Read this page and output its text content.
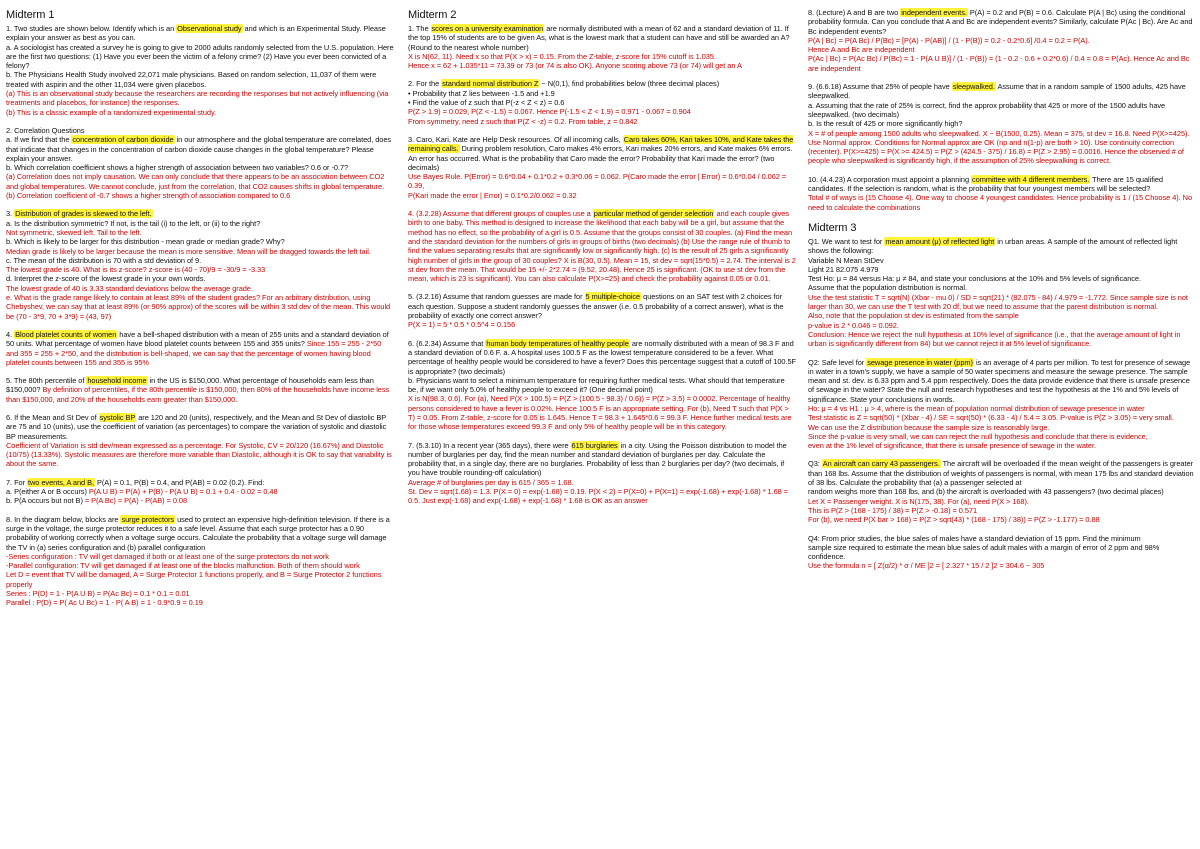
Midterm 1
1. Two studies are shown below. Identify which is an Observational study and which is an Experimental Study. Please explain your answer as best as you can.
a. A sociologist has created a survey he is going to give to 2000 adults randomly selected from the U.S. population. Here are the first two questions: (1) Have you ever been the victim of a felony crime? (2) Have you ever been convicted of a felony?
b. The Physicians Health Study involved 22,071 male physicians. Based on random selection, 11,037 of them were treated with aspirin and the other 11,034 were given placebos.
(a) This is an observational study because the researchers are recording the responses but not actively influencing (via treatments and placebos, for instance) the responses.
(b) This is a classic example of a randomized experimental study.
2. Correlation Questions
a. If we find that the concentration of carbon dioxide in our atmosphere and the global temperature are correlated, does that indicate that changes in the concentration of carbon dioxide cause changes in the global temperature? Please explain your answer.
b. Which correlation coefficient shows a higher strength of association between two variables? 0.6 or -0.7?
(a) Correlation does not imply causation. We can only conclude that there appears to be an association between CO2 and global temperatures. We cannot conclude, just from the correlation, that CO2 causes shifts in global temperature.
(b) Correlation coefficient of -0.7 shows a higher strength of association compared to 0.6
3. Distribution of grades is skewed to the left.
a. Is the distribution symmetric? If not, is the tail (i) to the left, or (ii) to the right?
Not symmetric, skewed left. Tail to the left.
b. Which is likely to be larger for this distribution - mean grade or median grade? Why?
Median grade is likely to be larger because the mean is more sensitive. Mean will be dragged towards the left tail.
c. The mean of the distribution is 70 with a std deviation of 9.
The lowest grade is 40. What is its z-score? z-score is (40 - 70)/9 = -30/9 = -3.33
d. Interpret the z-score of the lowest grade in your own words.
The lowest grade of 40 is 3.33 standard deviations below the average grade.
e. What is the grade range likely to contain at least 89% of the student grades? For an arbitrary distribution, using Chebyshev, we can say that at least 89% (or 90% approx) of the scores will be within 3 std dev of the mean. This would be (70 - 3*9, 70 + 3*9) = (43, 97)
4. Blood platelet counts of women have a bell-shaped distribution with a mean of 255 units and a standard deviation of 50 units. What percentage of women have blood platelet counts between 155 and 355 units? Since 155 = 255 - 2*50 and 355 = 255 + 2*50, and the distribution is bell-shaped, we can say that the percentage of women having blood platelet counts between 155 and 355 is 95%
5. The 80th percentile of household income in the US is $150,000. What percentage of households earn less than $150,000? By definition of percentiles, if the 80th percentile is $150,000, then 80% of the households have income less than $150,000, and 20% of the households earn greater than $150,000.
6. If the Mean and St Dev of systolic BP are 120 and 20 (units), respectively, and the Mean and St Dev of diastolic BP are 75 and 10 (units), use the coefficient of variation (as percentages) to compare the variation of systolic and diastolic BP measurements.
Coefficient of Variation is std dev/mean expressed as a percentage. For Systolic, CV = 20/120 (16.67%) and Diastolic (10/75) (13.33%). Systolic measures are therefore more variable than Diastolic, although it is OK to say that variability is about the same.
7. For two events, A and B, P(A) = 0.1, P(B) = 0.4, and P(AB) = 0.02 (0.2). Find:
a. P(either A or B occurs) P(A U B) = P(A) + P(B) - P(A U B) = 0.1 + 0.4 - 0.02 = 0.48
b. P(A occurs but not B) = P(A Bc) = P(A) - P(AB) = 0.08
8. In the diagram below, blocks are surge protectors used to protect an expensive high-definition television. If there is a surge in the voltage, the surge protector reduces it to a safe level. Assume that each surge protector has a 0.90 probability of working correctly when a voltage surge occurs. Calculate the probability that a voltage surge will damage the TV in (a) series configuration and (b) parallel configuration
-Series configuration : TV will get damaged if both or at least one of the surge protectors do not work
-Parallel configuration: TV will get damaged if at least one of the blocks malfunction. Both of them should work
Let D = event that TV will be damaged, A = Surge Protector 1 functions properly, and B = Surge Protector 2 functions properly
Series : P(D) = 1 - P(A U B) = P(Ac Bc) = 0.1 * 0.1 = 0.01
Parallel : P(D) = P( Ac U Bc) = 1 - P( A B) = 1 - 0.9*0.9 = 0.19
Midterm 2
1. The scores on a university examination are normally distributed with a mean of 62 and a standard deviation of 11. If the top 15% of students are to be given As, what is the lowest mark that a student can have and still be awarded an A? (Round to the nearest whole number)
X is N(62, 11). Need x so that P(X > x) = 0.15. From the Z-table, z-score for 15% cutoff is 1.035.
Hence x = 62 + 1.035*11 = 73.39 or 73 (or 74 is also OK). Anyone scoring above 73 (or 74) will get an A
2. For the standard normal distribution Z ~ N(0,1), find probabilities below (three decimal places)
• Probability that Z lies between -1.5 and +1.9
• Find the value of z such that P(-z < Z < z) = 0.6
P(Z > 1.9) = 0.029, P(Z < -1.5) = 0.067. Hence P(-1.5 < Z < 1.9) = 0.971 - 0.067 = 0.904
From symmetry, need z such that P(Z < -z) = 0.2. From table, z = 0.842
3. Caro, Kari, Kate are Help Desk resources. Of all incoming calls, Caro takes 60%, Kari takes 10%, and Kate takes the remaining calls. During problem resolution, Caro makes 4% errors, Kari makes 20% errors, and Kate makes 6% errors. An error has occurred. What is the probability that Caro made the error? Probability that Kari made the error? (two decimals)
Use Bayes Rule. P(Error) = 0.6*0.04 + 0.1*0.2 + 0.3*0.06 = 0.062. P(Caro made the error | Error) = 0.6*0.04 / 0.062 = 0.39,
P(Kari made the error | Error) = 0.1*0.2/0.062 = 0.32
4. (3.2.28) Assume that different groups of couples use a particular method of gender selection and each couple gives birth to one baby. This method is designed to increase the likelihood that each baby will be a girl, but assume that the method has no effect, so the probability of a girl is 0.5. Assume that the groups consist of 30 couples. (a) Find the mean and the standard deviation for the numbers of girls in groups of births (two decimals) (b) Use the range rule of thumb to find the values separating results that are significantly low or significantly high. (c) Is the result of 25 girls a significantly high number of girls in the group of 30 couples? X is B(30, 0.5). Mean = 15, st dev = sqrt(15*0.5) = 2.74. The interval is 2 st dev from the mean. That would be 15 +/- 2*2.74 = (9.52, 20.48). Hence 25 is significant. (OK to use st dev from the mean, which is 23 is significant). You can also calculate P(X>=25) and check the probability against 0.05 or 0.01.
5. (3.2.16) Assume that random guesses are made for 5 multiple-choice questions on an SAT test with 2 choices for each question. Suppose a student randomly guesses the answer (i.e. 0.5 probability of a correct answer), what is the probability of exactly one correct answer?
P(X = 1) = 5 * 0.5 * 0.5^4 = 0.156
6. (6.2.34) Assume that human body temperatures of healthy people are normally distributed with a mean of 98.3 F and a standard deviation of 0.6 F. a. A hospital uses 100.5 F as the lowest temperature considered to be a fever. What percentage of healthy people would be considered to have a fever? Does this percentage suggest that a cutoff of 100.5F is appropriate? (two decimals)
b. Physicians want to select a minimum temperature for requiring further medical tests. What should that temperature be, if we want only 5.0% of healthy people to exceed it? (One decimal point)
X is N(98.3, 0.6). For (a), Need P(X > 100.5) = P(Z > (100.5 - 98.3) / 0.6)) = P(Z > 3.5) = 0.0002. Percentage of healthy persons considered to have a fever is 0.02%. Hence 100.5 F is an appropriate setting. For (b), Need T such that P(X > T) = 0.05. From Z-table, z-score for 0.05 is 1.645. Hence T = 98.3 + 1.645*0.6 = 99.3 F. Hence further medical tests are for those whose temperatures exceed 99.3 F and only 5% of healthy people will be in this category.
7. (5.3.10) In a recent year (365 days), there were 615 burglaries in a city. Using the Poisson distribution to model the number of burglaries per day, find the mean number and standard deviation of burglaries per day. Calculate the probability that, in a single day, there are no burglaries. Probability of less than 2 burglaries per day? (two decimals, if you have trouble rounding-off calculation)
Average # of burglaries per day is 615 / 365 = 1.68.
St. Dev = sqrt(1.68) = 1.3. P(X = 0) = exp(-1.68) = 0.19. P(X < 2) = P(X=0) + P(X=1) = exp(-1.68) + exp(-1.68) * 1.68 = 0.5. Just exp(-1.68) and exp(-1.68) + exp(-1.68) * 1.68 is OK as an answer
8. (Lecture) A and B are two independent events. P(A) = 0.2 and P(B) = 0.6. Calculate P(A | Bc) using the conditional probability formula. Can you conclude that A and Bc are independent events? Similarly, calculate P(Ac | Bc). Are Ac and Bc independent events?
P(A | Bc) = P(A Bc) / P(Bc) = [P(A) - P(AB)] / (1 - P(B)) = 0.2 - 0.2*0.6] /0.4 = 0.2 = P(A).
Hence A and Bc are independent
P(Ac | Bc) = P(Ac Bc) / P(Bc) = 1 - P(A U B)] / (1 - P(B)) = (1 - 0.2 - 0.6 + 0.2*0.6) / 0.4 = 0.8 = P(Ac). Hence Ac and Bc are independent
9. (6.6.18) Assume that 25% of people have sleepwalked. Assume that in a random sample of 1500 adults, 425 have sleepwalked.
a. Assuming that the rate of 25% is correct, find the approx probability that 425 or more of the 1500 adults have sleepwalked. (two decimals)
b. Is the result of 425 or more significantly high?
X = # of people among 1500 adults who sleepwalked. X ~ B(1500, 0.25). Mean = 375, st dev = 16.8. Need P(X>=425). Use Normal approx. Conditions for Normal approx are OK (np and n(1-p) are both > 10). Use continuity correction (recenter). P(X>=425) = P(X >= 424.5) = P(Z > (424.5 - 375) / 16.8) = P(Z > 2.95) = 0.0016. Hence the observed # of people who sleepwalked is significantly high, if the assumption of 25% sleepwalking is correct.
10. (4.4.23) A corporation must appoint a planning committee with 4 different members. There are 15 qualified candidates. If the selection is random, what is the probability that four youngest members will be selected?
Total # of ways is (15 Choose 4). One way to choose 4 youngest candidates. Hence probability is 1 / (15 Choose 4). No need to calculate the combinations
Midterm 3
Q1. We want to test for mean amount (μ) of reflected light in urban areas. A sample of the amount of reflected light shows the following:
Variable N Mean StDev
Light 21 82.075 4.979
Test Ho: μ = 84 versus Ha: μ ≠ 84, and state your conclusions at the 10% and 5% levels of significance.
Assume that the population distribution is normal.
Use the test statistic T = sqrt(N) (Xbar - mu 0) / SD = sqrt(21) * (82.075 - 84) / 4.979 = -1.772. Since sample size is not larger than 30, we can use the T test with 20 df, but we need to assume that the parent distribution is normal.
Also, note that the population st dev is estimated from the sample
p-value is 2 * 0.046 = 0.092.
Conclusion: Hence we reject the null hypothesis at 10% level of significance (i.e., that the average amount of light in urban is significantly different from 84) but we cannot reject it at 5% level of significance.
Q2: Safe level for sewage presence in water (ppm) is an average of 4 parts per million. To test for presence of sewage in water in a town's supply, we have a sample of 50 water specimens and measure the sewage presence. The sample mean and st. dev. is 6.33 ppm and 5.4 ppm respectively. Does the data provide evidence that there is unsafe presence of sewage in the water? State the null and research hypotheses and test the hypothesis at the 1% and 5% levels of significance. State your conclusions in words.
Ho: μ = 4 vs H1 : μ > 4, where is the mean of population normal distribution of sewage presence in water
Test statistic is Z = sqrt(50) * (Xbar - 4) / SE = sqrt(50) * (6.33 - 4) / 5.4 = 3.05. P-value is P(Z > 3.05) = very small.
We can use the Z distribution because the sample size is reasonably large.
Since the p-value is very small, we can can reject the null hypothesis and conclude that there is evidence,
even at the 1% level of significance, that there is unsafe presence of sewage in the water.
Q3: An aircraft can carry 43 passengers. The aircraft will be overloaded if the mean weight of the passengers is greater than 168 lbs. Assume that the distribution of weights of passengers is normal, with mean 175 lbs and standard deviation of 38 lbs. Calculate the probability that (a) a passenger selected at
random weighs more than 168 lbs, and (b) the aircraft is overloaded with 43 passengers? (two decimal places)
Let X = Passenger weight. X is N(175, 38). For (a), need P(X > 168).
This is P(Z > (168 - 175) / 38) = P(Z > -0.18) = 0.571
For (b), we need P(X bar > 168) = P(Z > sqrt(43) * (168 - 175) / 38)) = P(Z > -1.177) = 0.88
Q4: From prior studies, the blue sales of males have a standard deviation of 15 ppm. Find the minimum
sample size required to estimate the mean blue sales of adult males with a margin of error of 2 ppm and 98% confidence.
Use the formula n = [ Z(α/2) * σ / ME ]2 = [ 2.327 * 15 / 2 ]2 = 304.6 ~ 305
